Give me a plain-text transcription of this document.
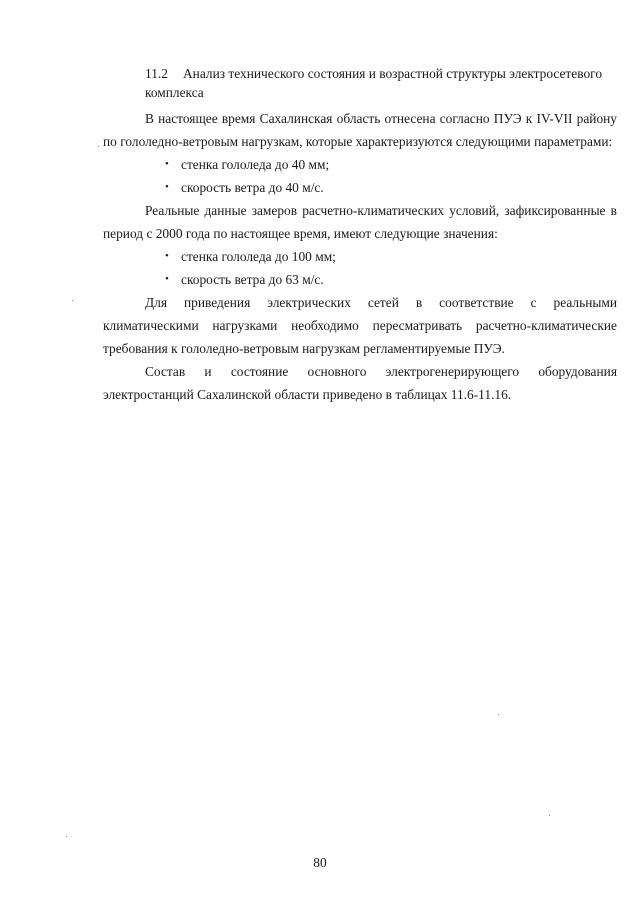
11.2 Анализ технического состояния и возрастной структуры электросетевого комплекса

В настоящее время Сахалинская область отнесена согласно ПУЭ к IV-VII району по гололедно-ветровым нагрузкам, которые характеризуются следующими параметрами:

• стенка гололеда до 40 мм;
• скорость ветра до 40 м/с.

Реальные данные замеров расчетно-климатических условий, зафиксированные в период с 2000 года по настоящее время, имеют следующие значения:

• стенка гололеда до 100 мм;
• скорость ветра до 63 м/с.

Для приведения электрических сетей в соответствие с реальными климатическими нагрузками необходимо пересматривать расчетно-климатические требования к гололедно-ветровым нагрузкам регламентируемые ПУЭ.

Состав и состояние основного электрогенерирующего оборудования электростанций Сахалинской области приведено в таблицах 11.6-11.16.

80
